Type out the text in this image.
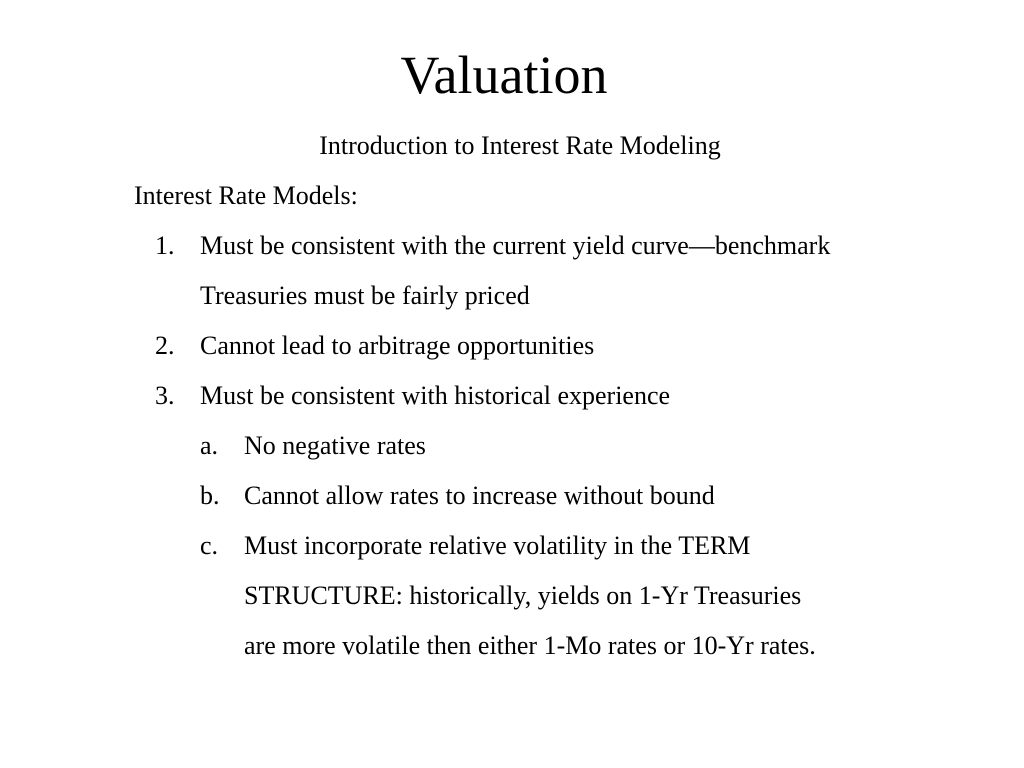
Valuation
Introduction to Interest Rate Modeling
Interest Rate Models:
1. Must be consistent with the current yield curve—benchmark
Treasuries must be fairly priced
2. Cannot lead to arbitrage opportunities
3. Must be consistent with historical experience
a. No negative rates
b. Cannot allow rates to increase without bound
c. Must incorporate relative volatility in the TERM
STRUCTURE: historically, yields on 1-Yr Treasuries
are more volatile then either 1-Mo rates or 10-Yr rates.
